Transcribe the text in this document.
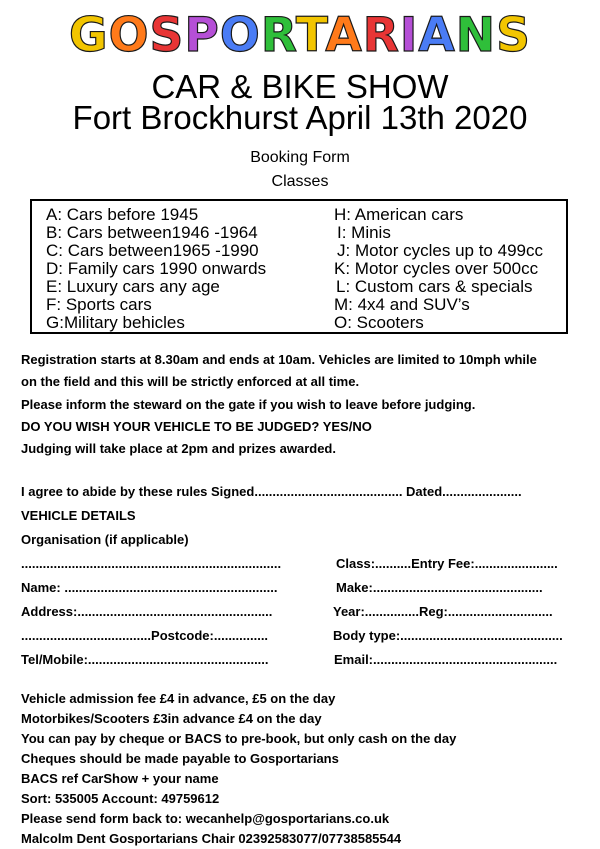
GOSPORTARIANS
CAR & BIKE SHOW
Fort Brockhurst April 13th 2020
Booking Form
Classes
A: Cars before 1945
B: Cars between1946 -1964
C: Cars between1965 -1990
D: Family cars 1990 onwards
E: Luxury cars any age
F: Sports cars
G:Military behicles
H: American cars
I: Minis
J: Motor cycles up to 499cc
K: Motor cycles over 500cc
L: Custom cars & specials
M: 4x4 and SUV’s
O: Scooters
Registration starts at 8.30am and ends at 10am. Vehicles are limited to 10mph while
on the field and this will be strictly enforced at all time.
Please inform the steward on the gate if you wish to leave before judging.
DO YOU WISH YOUR VEHICLE TO BE JUDGED? YES/NO
Judging will take place at 2pm and prizes awarded.
I agree to abide by these rules Signed......................................... Dated......................
VEHICLE DETAILS
Organisation (if applicable)
........................................................................	Class:..........Entry Fee:.......................
Name: ...........................................................	Make:...............................................
Address:......................................................	Year:...............Reg:.............................
....................................Postcode:...............	Body type:.............................................
Tel/Mobile:..................................................	Email:...................................................
Vehicle admission fee £4 in advance, £5 on the day
Motorbikes/Scooters £3in advance £4 on the day
You can pay by cheque or BACS to pre-book, but only cash on the day
Cheques should be made payable to Gosportarians
BACS ref CarShow + your name
Sort: 535005 Account: 49759612
Please send form back to: wecanhelp@gosportarians.co.uk
Malcolm Dent Gosportarians Chair 02392583077/07738585544
